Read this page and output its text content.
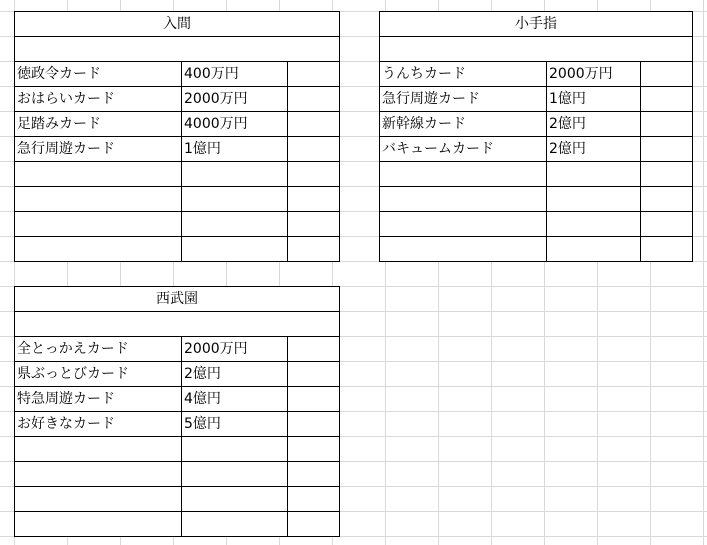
入間		

徳政令カード	400万円	
おはらいカード	2000万円	
足踏みカード	4000万円	
急行周遊カード	1億円	

小手指		

うんちカード	2000万円	
急行周遊カード	1億円	
新幹線カード	2億円	
バキュームカード	2億円	

西武園		

全とっかえカード	2000万円	
県ぶっとびカード	2億円	
特急周遊カード	4億円	
お好きなカード	5億円	
